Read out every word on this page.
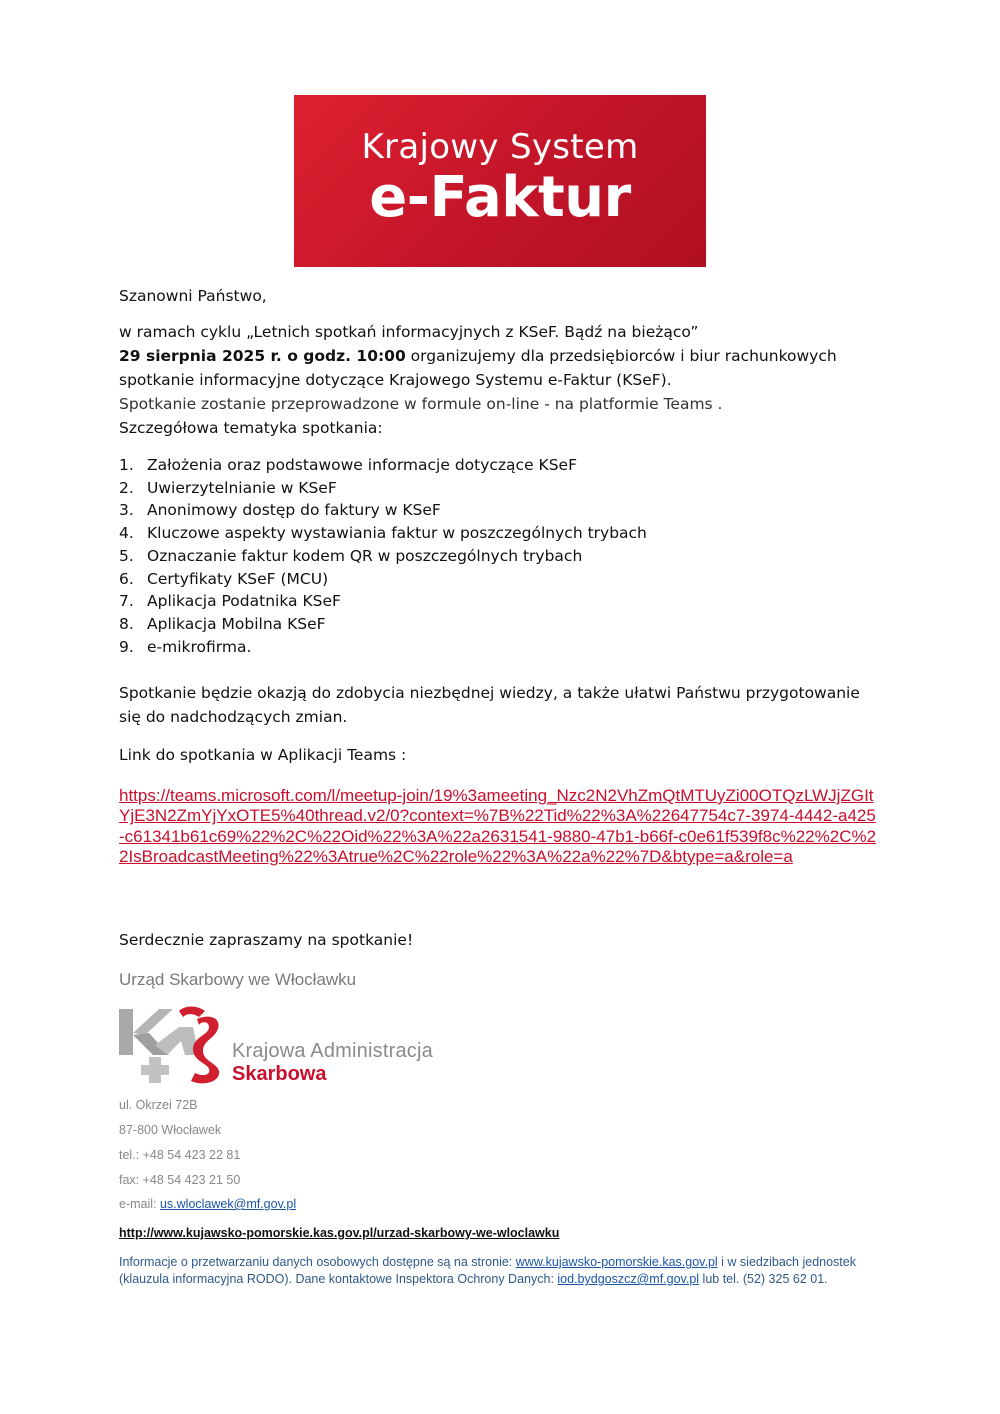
Krajowy System
e-Faktur
Szanowni Państwo,
w ramach cyklu „Letnich spotkań informacyjnych z KSeF. Bądź na bieżąco”
29 sierpnia 2025 r. o godz. 10:00 organizujemy dla przedsiębiorców i biur rachunkowych spotkanie informacyjne dotyczące Krajowego Systemu e-Faktur (KSeF).
Spotkanie zostanie przeprowadzone w formule on-line - na platformie Teams .
Szczegółowa tematyka spotkania:
1. Założenia oraz podstawowe informacje dotyczące KSeF
2. Uwierzytelnianie w KSeF
3. Anonimowy dostęp do faktury w KSeF
4. Kluczowe aspekty wystawiania faktur w poszczególnych trybach
5. Oznaczanie faktur kodem QR w poszczególnych trybach
6. Certyfikaty KSeF (MCU)
7. Aplikacja Podatnika KSeF
8. Aplikacja Mobilna KSeF
9. e-mikrofirma.
Spotkanie będzie okazją do zdobycia niezbędnej wiedzy, a także ułatwi Państwu przygotowanie się do nadchodzących zmian.
Link do spotkania w Aplikacji Teams :
https://teams.microsoft.com/l/meetup-join/19%3ameeting_Nzc2N2VhZmQtMTUyZi00OTQzLWJjZGItYjE3N2ZmYjYxOTE5%40thread.v2/0?context=%7B%22Tid%22%3A%22647754c7-3974-4442-a425-c61341b61c69%22%2C%22Oid%22%3A%22a2631541-9880-47b1-b66f-c0e61f539f8c%22%2C%22IsBroadcastMeeting%22%3Atrue%2C%22role%22%3A%22a%22%7D&btype=a&role=a
Serdecznie zapraszamy na spotkanie!
Urząd Skarbowy we Włocławku
Krajowa Administracja
Skarbowa
ul. Okrzei 72B
87-800 Włocławek
tel.: +48 54 423 22 81
fax: +48 54 423 21 50
e-mail: us.wloclawek@mf.gov.pl
http://www.kujawsko-pomorskie.kas.gov.pl/urzad-skarbowy-we-wloclawku
Informacje o przetwarzaniu danych osobowych dostępne są na stronie: www.kujawsko-pomorskie.kas.gov.pl i w siedzibach jednostek (klauzula informacyjna RODO). Dane kontaktowe Inspektora Ochrony Danych: iod.bydgoszcz@mf.gov.pl lub tel. (52) 325 62 01.
